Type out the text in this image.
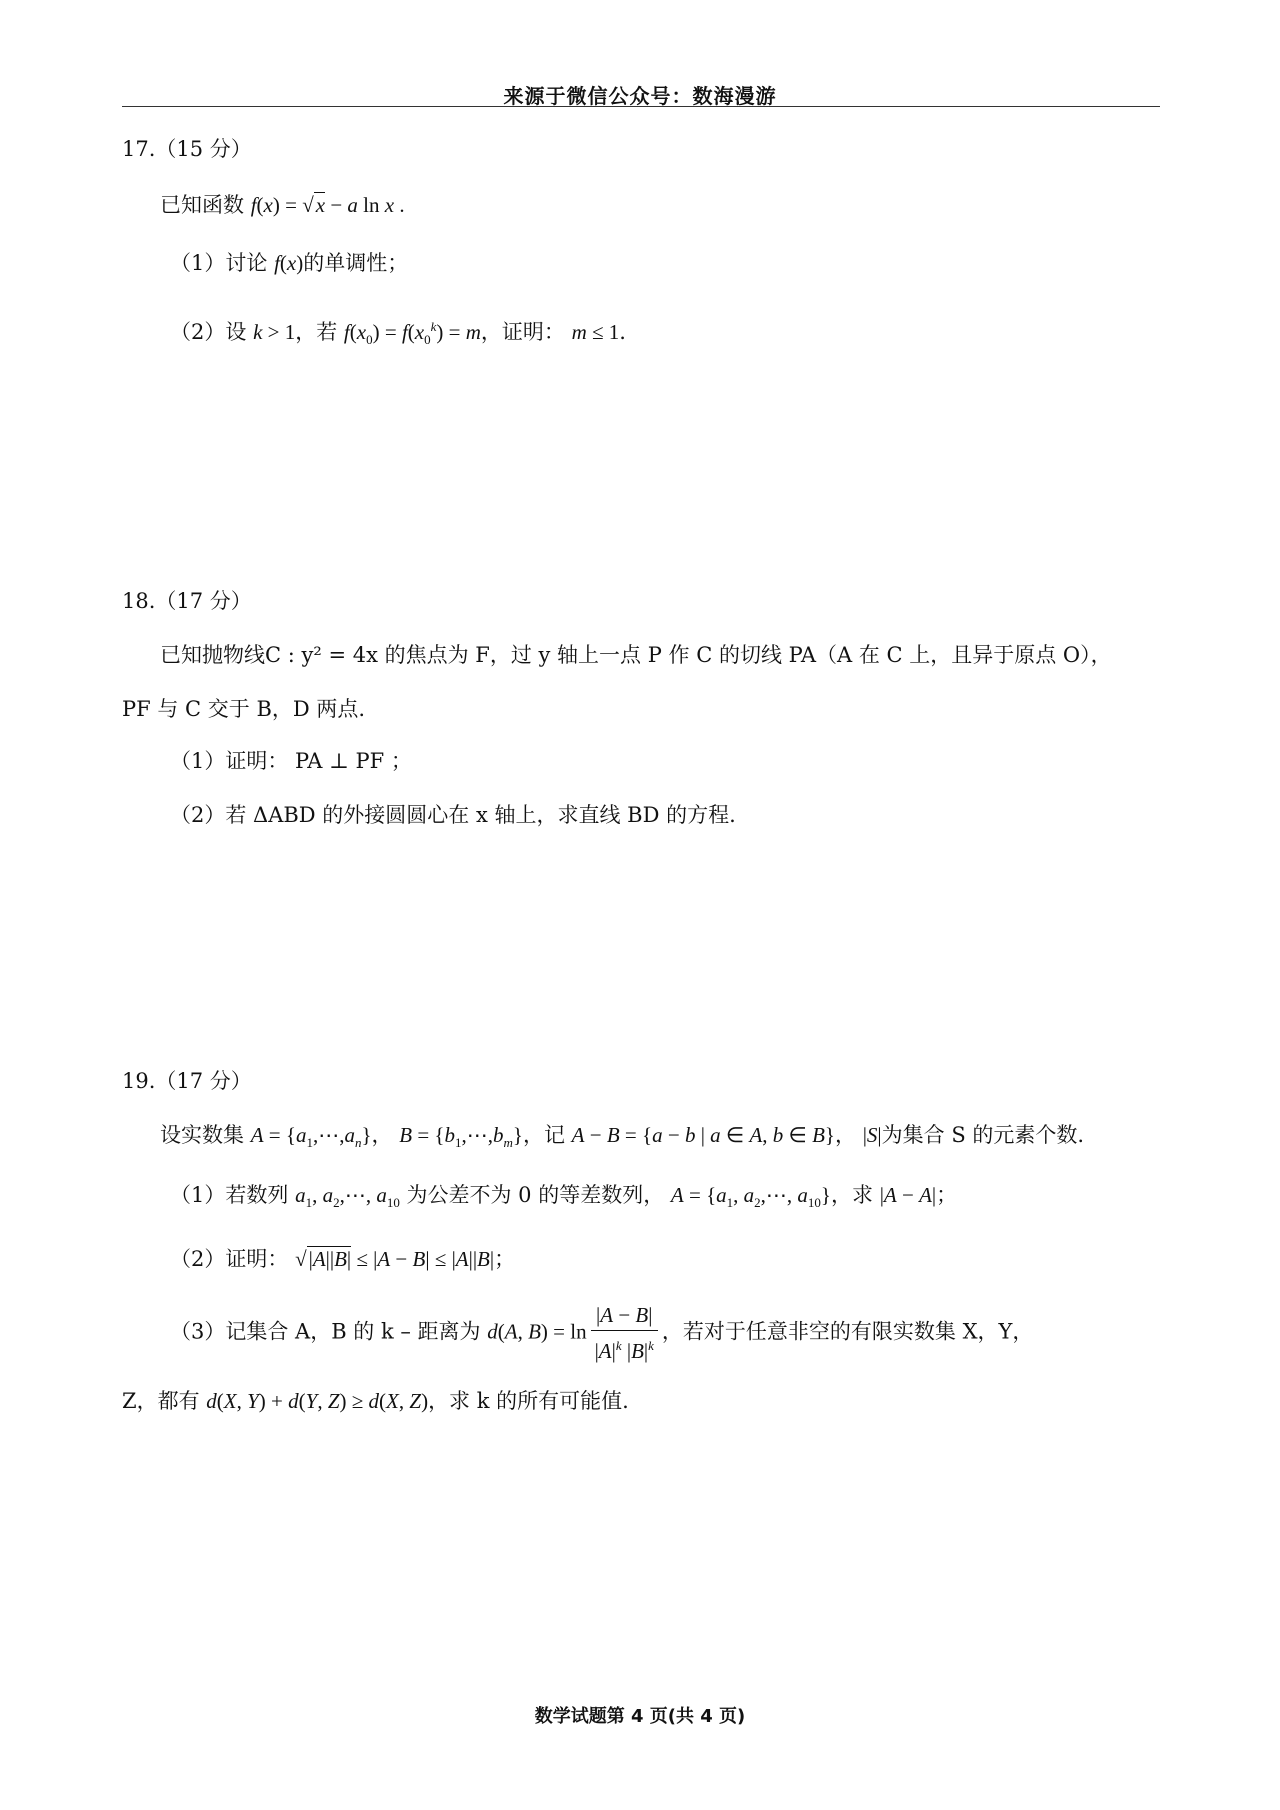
来源于微信公众号：数海漫游
17.（15 分）
已知函数 f(x) = √x − a ln x .
（1）讨论 f(x)的单调性；
（2）设 k > 1，若 $f(x_0) = f(x_0^k) = m$，证明： m ≤ 1.
18.（17 分）
已知抛物线C : y² = 4x 的焦点为 F，过 y 轴上一点 P 作 C 的切线 PA（A 在 C 上，且异于原点 O），
PF 与 C 交于 B，D 两点.
（1）证明： PA ⊥ PF ；
（2）若 ΔABD 的外接圆圆心在 x 轴上，求直线 BD 的方程.
19.（17 分）
设实数集 $A = \{a_1,\cdots,a_n\}$， $B = \{b_1,\cdots,b_m\}$，记 A − B = {a − b | a ∈ A, b ∈ B}， |S|为集合 S 的元素个数.
（1）若数列 $a_1$, $a_2,\cdots$, $a_{10}$ 为公差不为 0 的等差数列， $A = \{a_1$, $a_2,\cdots$, $a_{10}$}，求 |A − A|；
（2）证明： √|A||B| ≤ |A − B| ≤ |A||B|；
（3）记集合 A，B 的 k – 距离为 d(A, $B) = \ln \frac{|A - B|}{|A|^k |B|^k}$ ，若对于任意非空的有限实数集 X，Y，
Z，都有 d(X, Y) + d(Y, Z) ≥ d(X, Z)，求 k 的所有可能值.
数学试题第 4 页(共 4 页)
